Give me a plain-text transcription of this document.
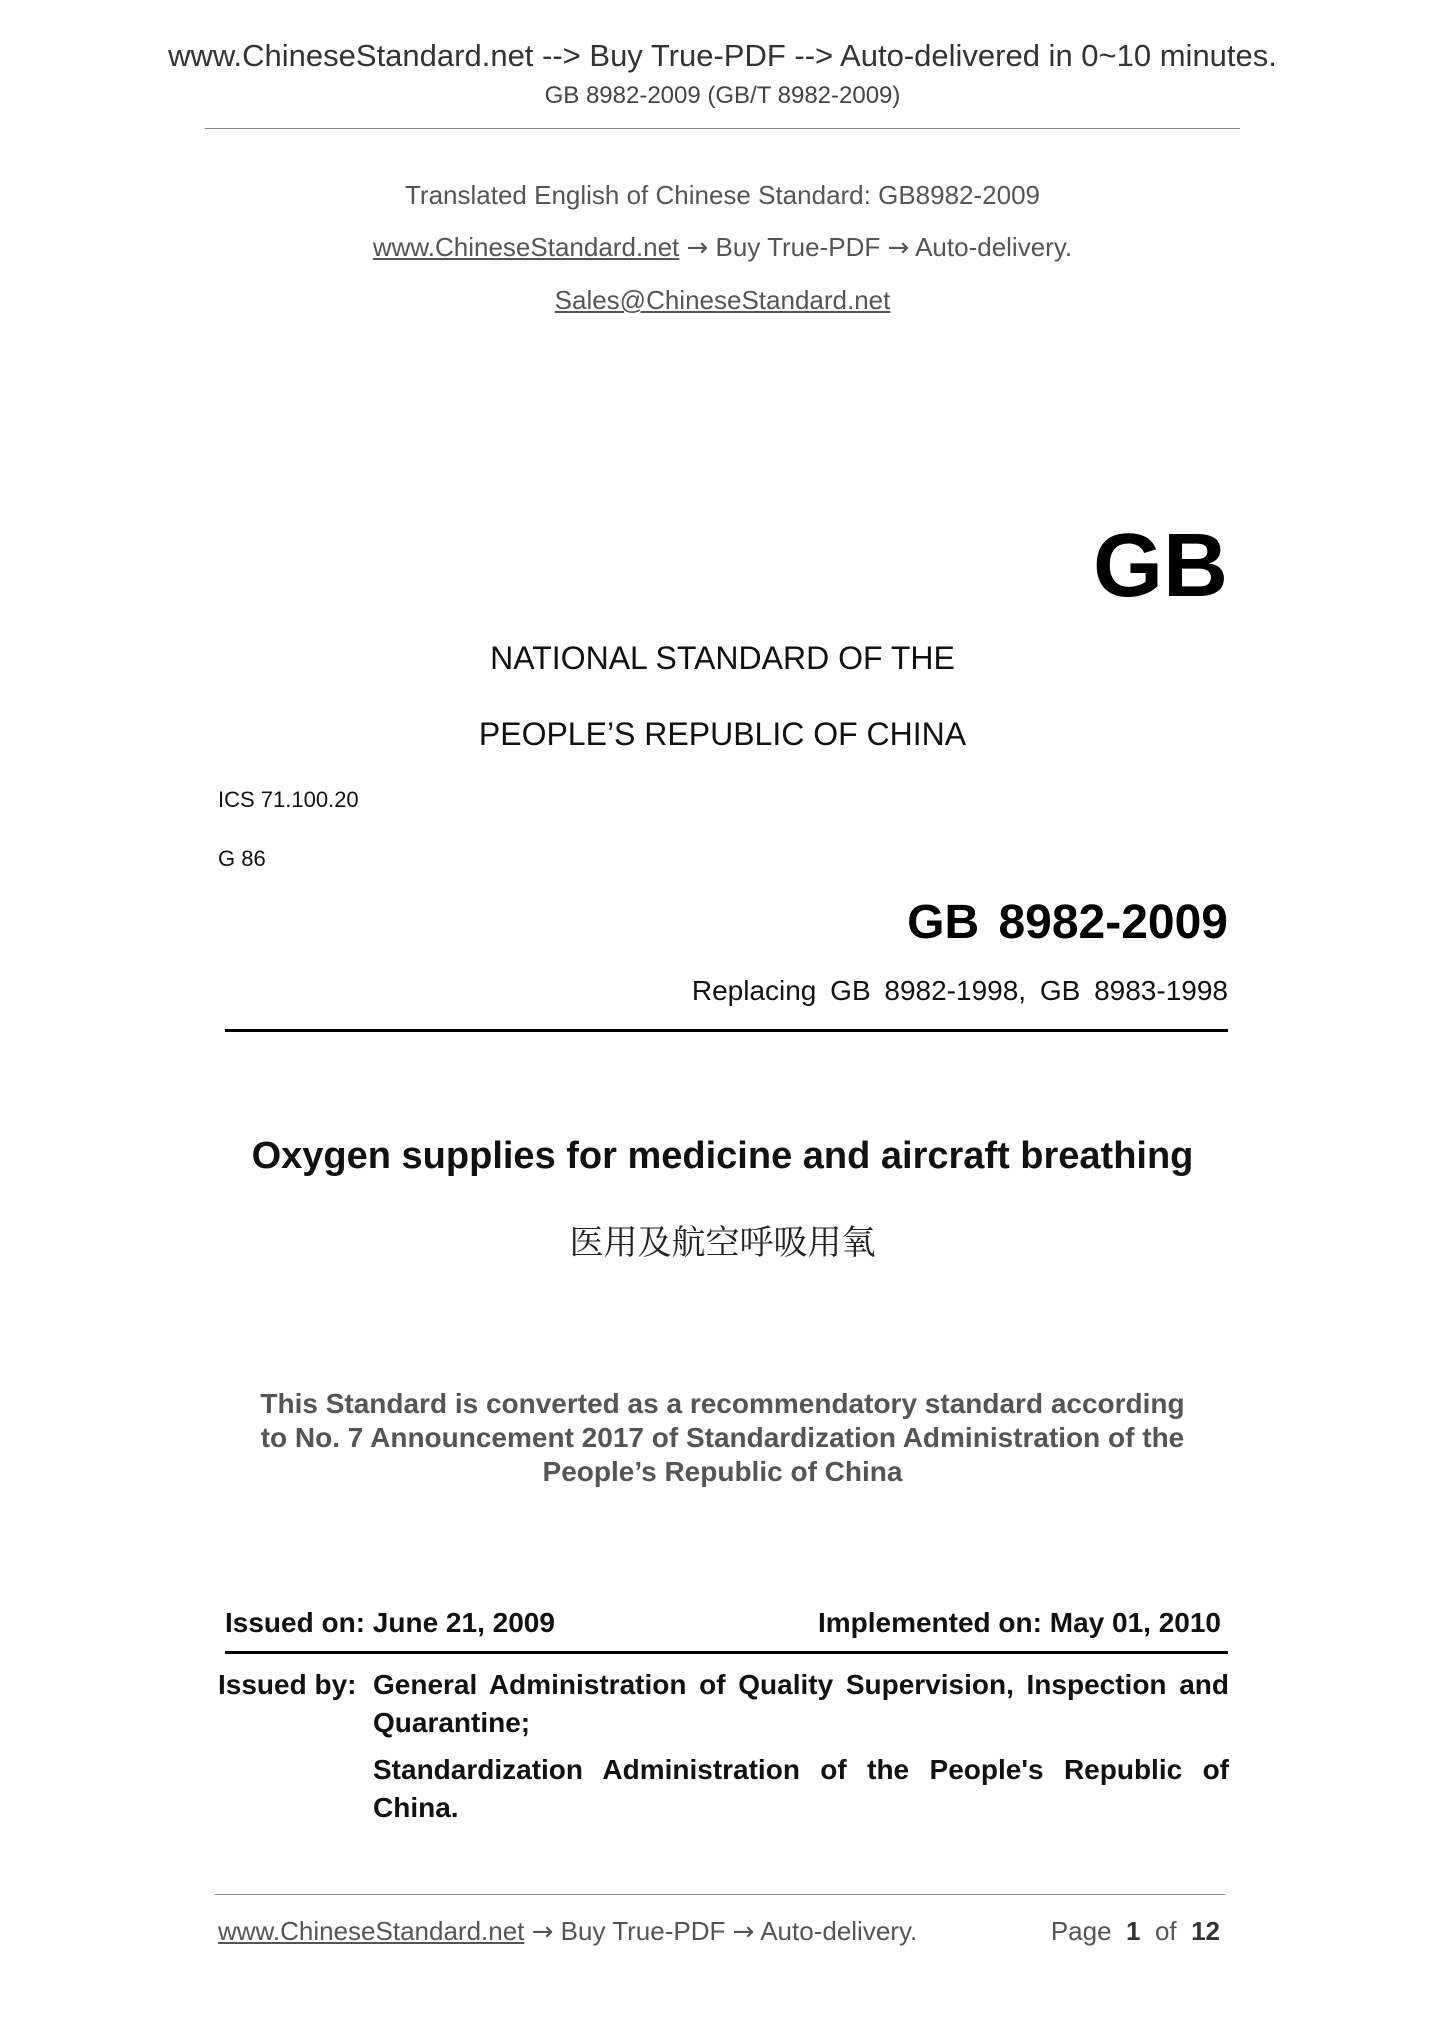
www.ChineseStandard.net --> Buy True-PDF --> Auto-delivered in 0~10 minutes.
GB 8982-2009 (GB/T 8982-2009)
Translated English of Chinese Standard: GB8982-2009
www.ChineseStandard.net → Buy True-PDF → Auto-delivery.
Sales@ChineseStandard.net
GB
NATIONAL STANDARD OF THE
PEOPLE’S REPUBLIC OF CHINA
ICS 71.100.20
G 86
GB 8982-2009
Replacing GB 8982-1998, GB 8983-1998
Oxygen supplies for medicine and aircraft breathing
医用及航空呼吸用氧
This Standard is converted as a recommendatory standard according
to No. 7 Announcement 2017 of Standardization Administration of the
People’s Republic of China
Issued on: June 21, 2009	Implemented on: May 01, 2010
Issued by: General Administration of Quality Supervision, Inspection and Quarantine;
Standardization Administration of the People's Republic of China.
www.ChineseStandard.net → Buy True-PDF → Auto-delivery.	Page 1 of 12
